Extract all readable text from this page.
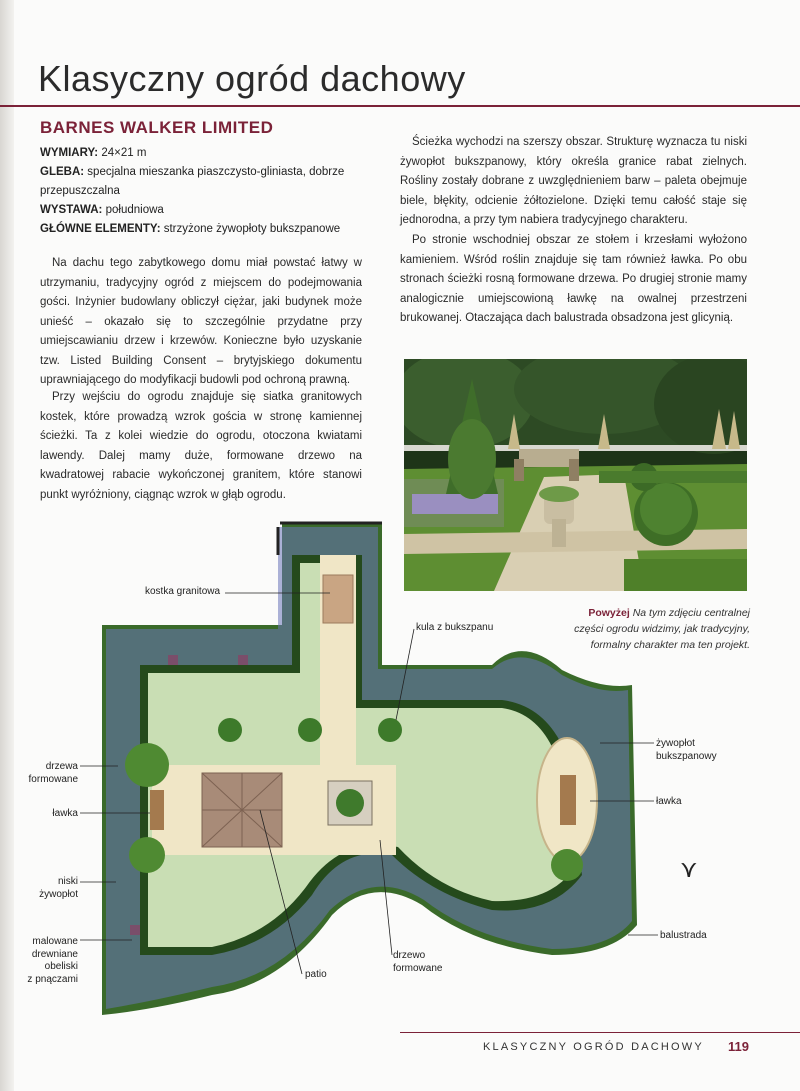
Klasyczny ogród dachowy
BARNES WALKER LIMITED
WYMIARY: 24×21 m
GLEBA: specjalna mieszanka piaszczysto-gliniasta, dobrze przepuszczalna
WYSTAWA: południowa
GŁÓWNE ELEMENTY: strzyżone żywopłoty bukszpanowe
Na dachu tego zabytkowego domu miał powstać łatwy w utrzymaniu, tradycyjny ogród z miejscem do podejmowania gości. Inżynier budowlany obliczył ciężar, jaki budynek może unieść – okazało się to szczególnie przydatne przy umiejscawianiu drzew i krzewów. Konieczne było uzyskanie tzw. Listed Building Consent – brytyjskiego dokumentu uprawniającego do modyfikacji budowli pod ochroną prawną.
Przy wejściu do ogrodu znajduje się siatka granitowych kostek, które prowadzą wzrok gościa w stronę kamiennej ścieżki. Ta z kolei wiedzie do ogrodu, otoczona kwiatami lawendy. Dalej mamy duże, formowane drzewo na kwadratowej rabacie wykończonej granitem, które stanowi punkt wyróżniony, ciągnąc wzrok w głąb ogrodu.
Ścieżka wychodzi na szerszy obszar. Strukturę wyznacza tu niski żywopłot bukszpanowy, który określa granice rabat zielnych. Rośliny zostały dobrane z uwzględnieniem barw – paleta obejmuje biele, błękity, odcienie żółtozielone. Dzięki temu całość staje się jednorodna, a przy tym nabiera tradycyjnego charakteru.
Po stronie wschodniej obszar ze stołem i krzesłami wyłożono kamieniem. Wśród roślin znajduje się tam również ławka. Po obu stronach ścieżki rosną formowane drzewa. Po drugiej stronie mamy analogicznie umiejscowioną ławkę na owalnej przestrzeni brukowanej. Otaczająca dach balustrada obsadzona jest glicynią.
Powyżej Na tym zdjęciu centralnej części ogrodu widzimy, jak tradycyjny, formalny charakter ma ten projekt.
kostka granitowa
kula z bukszpanu
drzewa
formowane
ławka
niski
żywopłot
malowane
drewniane
obeliski
z pnączami	patio
drzewo
formowane
żywopłot
bukszpanowy
ławka
balustrada
⋎
KLASYCZNY OGRÓD DACHOWY 119
